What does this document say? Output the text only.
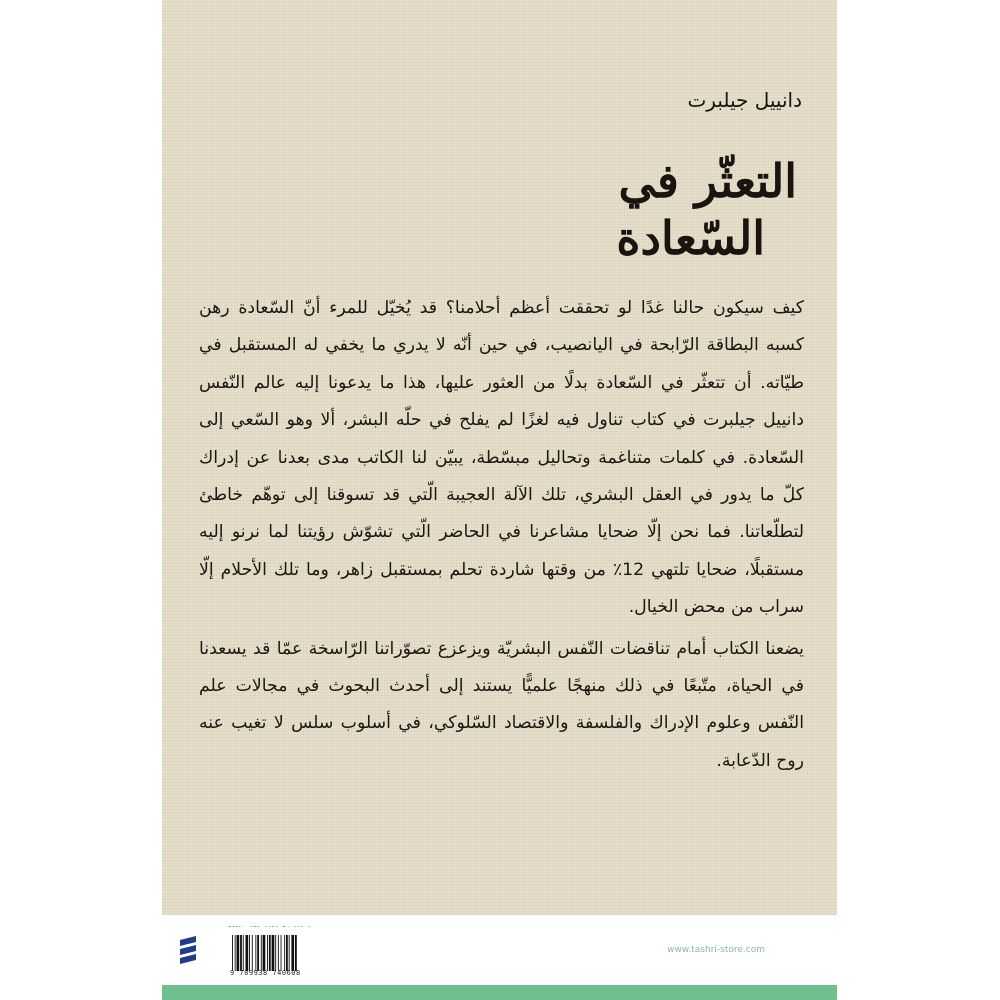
دانييل جيلبرت
التعثّر في
السّعادة

كيف سيكون حالنا غدًا لو تحققت أعظم أحلامنا؟ قد يُخيّل للمرء أنّ السّعادة رهن كسبه البطاقة الرّابحة في اليانصيب، في حين أنّه لا يدري ما يخفي له المستقبل في طيّاته. أن تتعثّر في السّعادة بدلًا من العثور عليها، هذا ما يدعونا إليه عالم النّفس دانييل جيلبرت في كتاب تناول فيه لغزًا لم يفلح في حلّه البشر، ألا وهو السّعي إلى السّعادة. في كلمات متناغمة وتحاليل مبسّطة، يبيّن لنا الكاتب مدى بعدنا عن إدراك كلّ ما يدور في العقل البشري، تلك الآلة العجيبة الّتي قد تسوقنا إلى توهّم خاطئ لتطلّعاتنا. فما نحن إلّا ضحايا مشاعرنا في الحاضر الّتي تشوّش رؤيتنا لما نرنو إليه مستقبلًا، ضحايا تلتهي 12٪ من وقتها شاردة تحلم بمستقبل زاهر، وما تلك الأحلام إلّا سراب من محض الخيال.

يضعنا الكتاب أمام تناقضات النّفس البشريّة ويزعزع تصوّراتنا الرّاسخة عمّا قد يسعدنا في الحياة، متّبعًا في ذلك منهجًا علميًّا يستند إلى أحدث البحوث في مجالات علم النّفس وعلوم الإدراك والفلسفة والاقتصاد السّلوكي، في أسلوب سلس لا تغيب عنه روح الدّعابة.

9 789938 740608
www.tashri-store.com
